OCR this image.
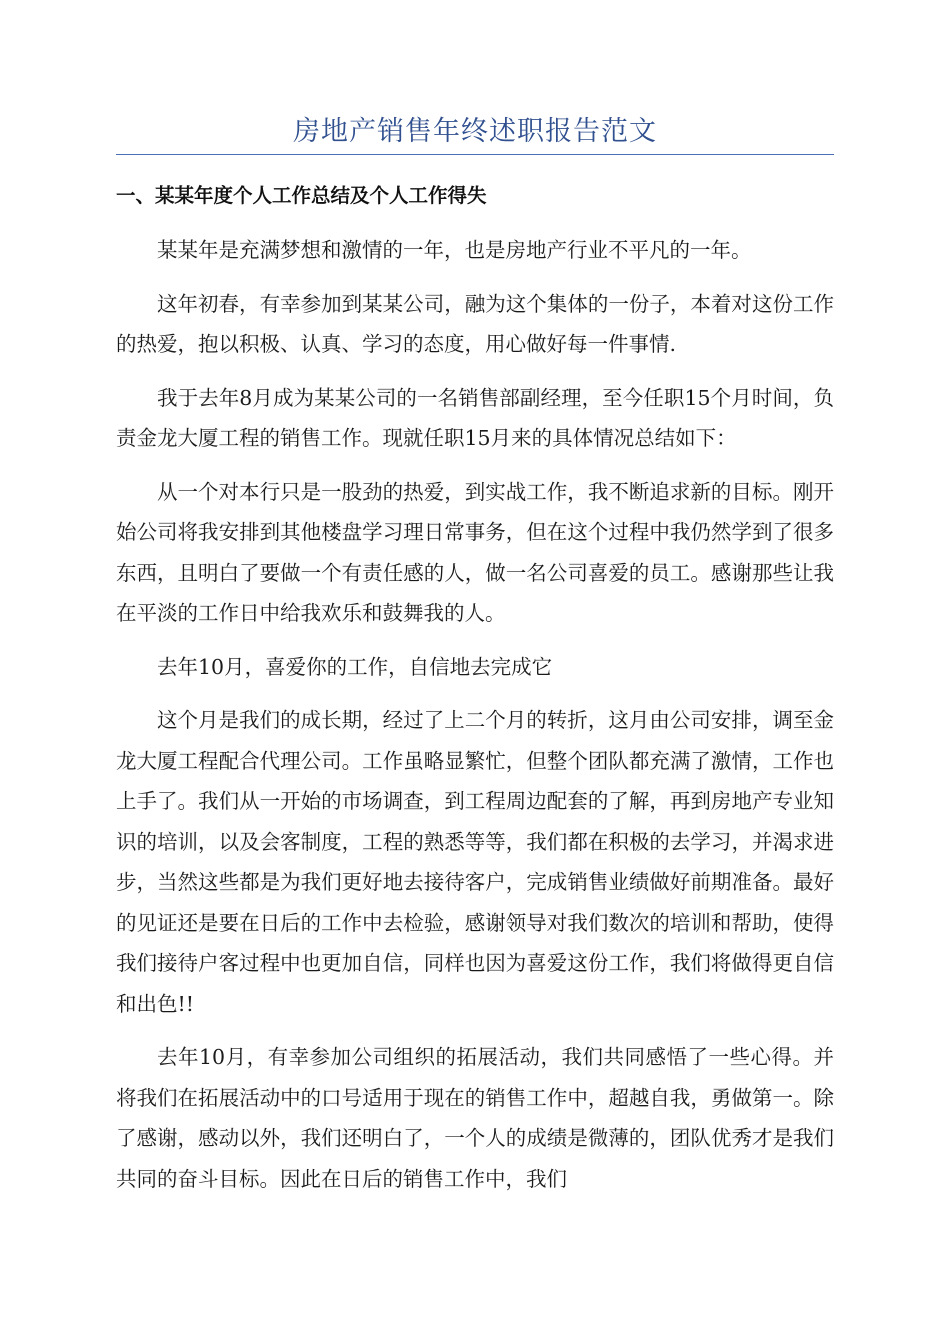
房地产销售年终述职报告范文
一、某某年度个人工作总结及个人工作得失

某某年是充满梦想和激情的一年，也是房地产行业不平凡的一年。

这年初春，有幸参加到某某公司，融为这个集体的一份子，本着对这份工作的热爱，抱以积极、认真、学习的态度，用心做好每一件事情.

我于去年8月成为某某公司的一名销售部副经理，至今任职15个月时间，负责金龙大厦工程的销售工作。现就任职15月来的具体情况总结如下：

从一个对本行只是一股劲的热爱，到实战工作，我不断追求新的目标。刚开始公司将我安排到其他楼盘学习理日常事务，但在这个过程中我仍然学到了很多东西，且明白了要做一个有责任感的人，做一名公司喜爱的员工。感谢那些让我在平淡的工作日中给我欢乐和鼓舞我的人。

去年10月，喜爱你的工作，自信地去完成它

这个月是我们的成长期，经过了上二个月的转折，这月由公司安排，调至金龙大厦工程配合代理公司。工作虽略显繁忙，但整个团队都充满了激情，工作也上手了。我们从一开始的市场调查，到工程周边配套的了解，再到房地产专业知识的培训，以及会客制度，工程的熟悉等等，我们都在积极的去学习，并渴求进步，当然这些都是为我们更好地去接待客户，完成销售业绩做好前期准备。最好的见证还是要在日后的工作中去检验，感谢领导对我们数次的培训和帮助，使得我们接待户客过程中也更加自信，同样也因为喜爱这份工作，我们将做得更自信和出色!!

去年10月，有幸参加公司组织的拓展活动，我们共同感悟了一些心得。并将我们在拓展活动中的口号适用于现在的销售工作中，超越自我，勇做第一。除了感谢，感动以外，我们还明白了，一个人的成绩是微薄的，团队优秀才是我们共同的奋斗目标。因此在日后的销售工作中，我们
